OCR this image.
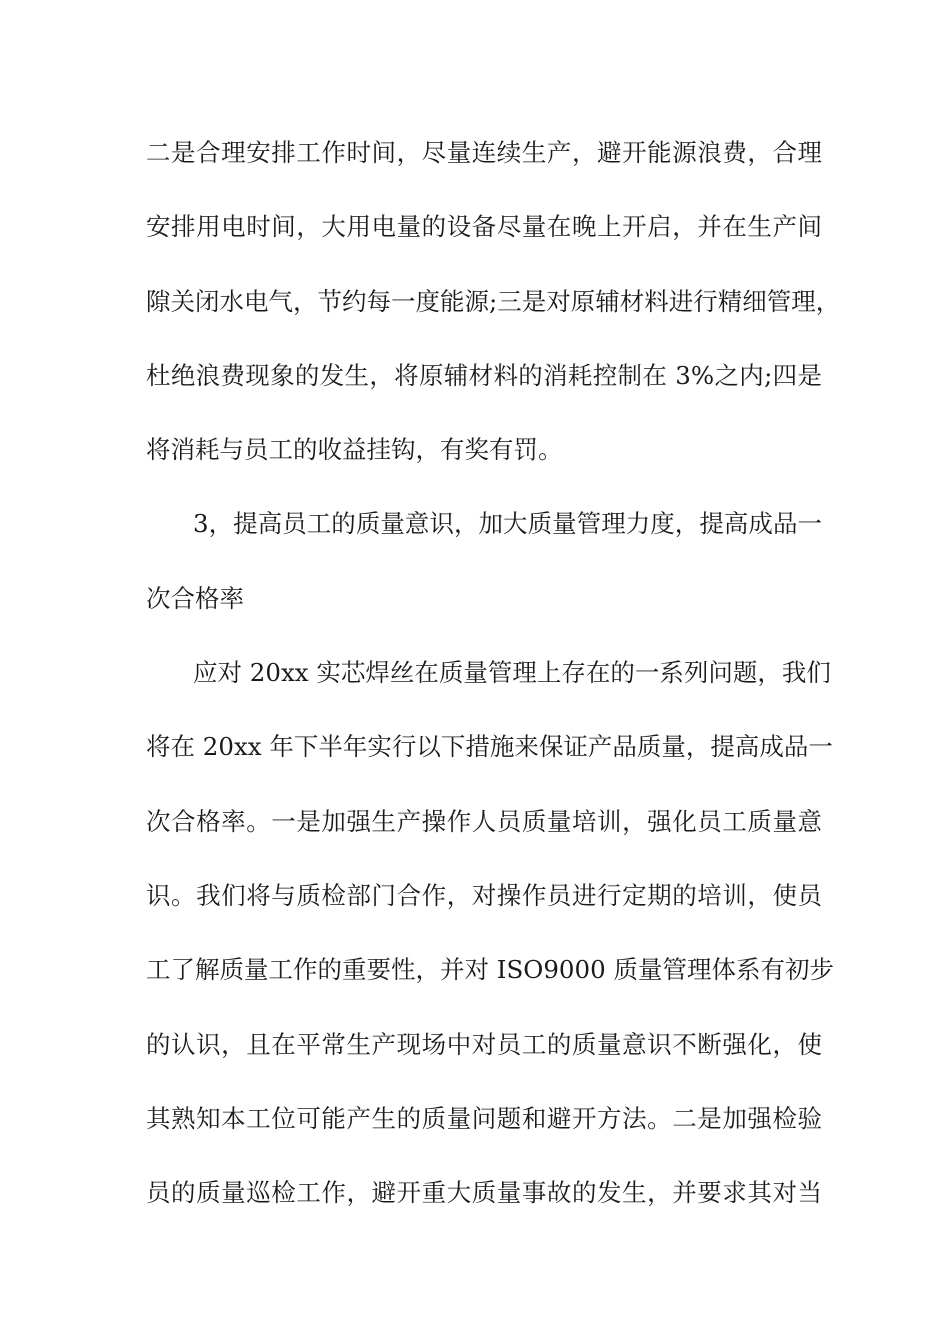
二是合理安排工作时间，尽量连续生产，避开能源浪费，合理
安排用电时间，大用电量的设备尽量在晚上开启，并在生产间
隙关闭水电气，节约每一度能源;三是对原辅材料进行精细管理，
杜绝浪费现象的发生，将原辅材料的消耗控制在 3%之内;四是
将消耗与员工的收益挂钩，有奖有罚。
3，提高员工的质量意识，加大质量管理力度，提高成品一
次合格率
应对 20xx 实芯焊丝在质量管理上存在的一系列问题，我们
将在 20xx 年下半年实行以下措施来保证产品质量，提高成品一
次合格率。一是加强生产操作人员质量培训，强化员工质量意
识。我们将与质检部门合作，对操作员进行定期的培训，使员
工了解质量工作的重要性，并对 ISO9000 质量管理体系有初步
的认识，且在平常生产现场中对员工的质量意识不断强化，使
其熟知本工位可能产生的质量问题和避开方法。二是加强检验
员的质量巡检工作，避开重大质量事故的发生，并要求其对当
